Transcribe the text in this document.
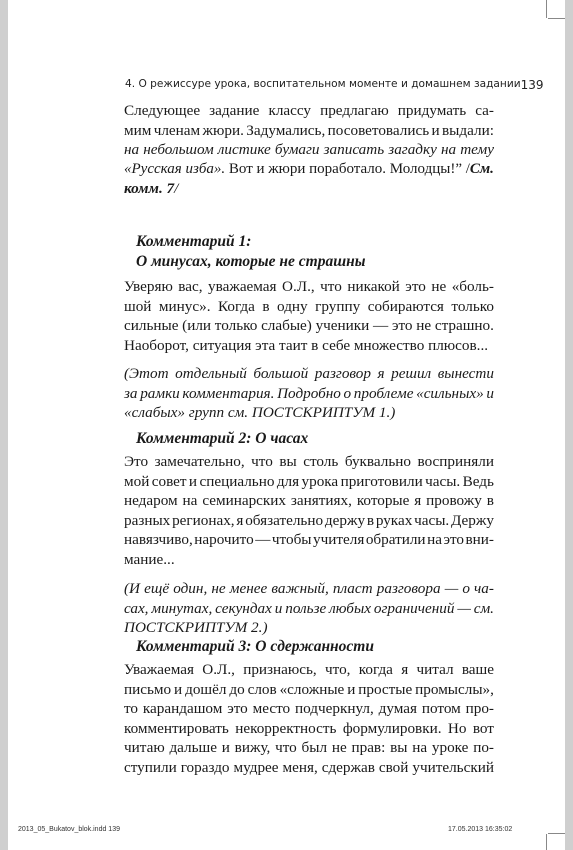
4. О режиссуре урока, воспитательном моменте и домашнем задании 139
Следующее задание классу предлагаю придумать са-
мим членам жюри. Задумались, посоветовались и выдали:
на небольшом листике бумаги записать загадку на тему
«Русская изба». Вот и жюри поработало. Молодцы!” / См.
комм. 7 /
Комментарий 1:
О минусах, которые не страшны
Уверяю вас, уважаемая О.Л., что никакой это не «боль-
шой минус». Когда в одну группу собираются только
сильные (или только слабые) ученики — это не страшно.
Наоборот, ситуация эта таит в себе множество плюсов...
(Этот отдельный большой разговор я решил вынести
за рамки комментария. Подробно о проблеме «сильных» и
«слабых» групп см. ПОСТСКРИПТУМ 1.)
Комментарий 2: О часах
Это замечательно, что вы столь буквально восприняли
мой совет и специально для урока приготовили часы. Ведь
недаром на семинарских занятиях, которые я провожу в
разных регионах, я обязательно держу в руках часы. Держу
навязчиво, нарочито — чтобы учителя обратили на это вни-
мание...
(И ещё один, не менее важный, пласт разговора — о ча-
сах, минутах, секундах и пользе любых ограничений — см.
ПОСТСКРИПТУМ 2.)
Комментарий 3: О сдержанности
Уважаемая О.Л., признаюсь, что, когда я читал ваше
письмо и дошёл до слов «сложные и простые промыслы»,
то карандашом это место подчеркнул, думая потом про-
комментировать некорректность формулировки. Но вот
читаю дальше и вижу, что был не прав: вы на уроке по-
ступили гораздо мудрее меня, сдержав свой учительский
2013_05_Bukatov_blok.indd 139	17.05.2013 16:35:02
